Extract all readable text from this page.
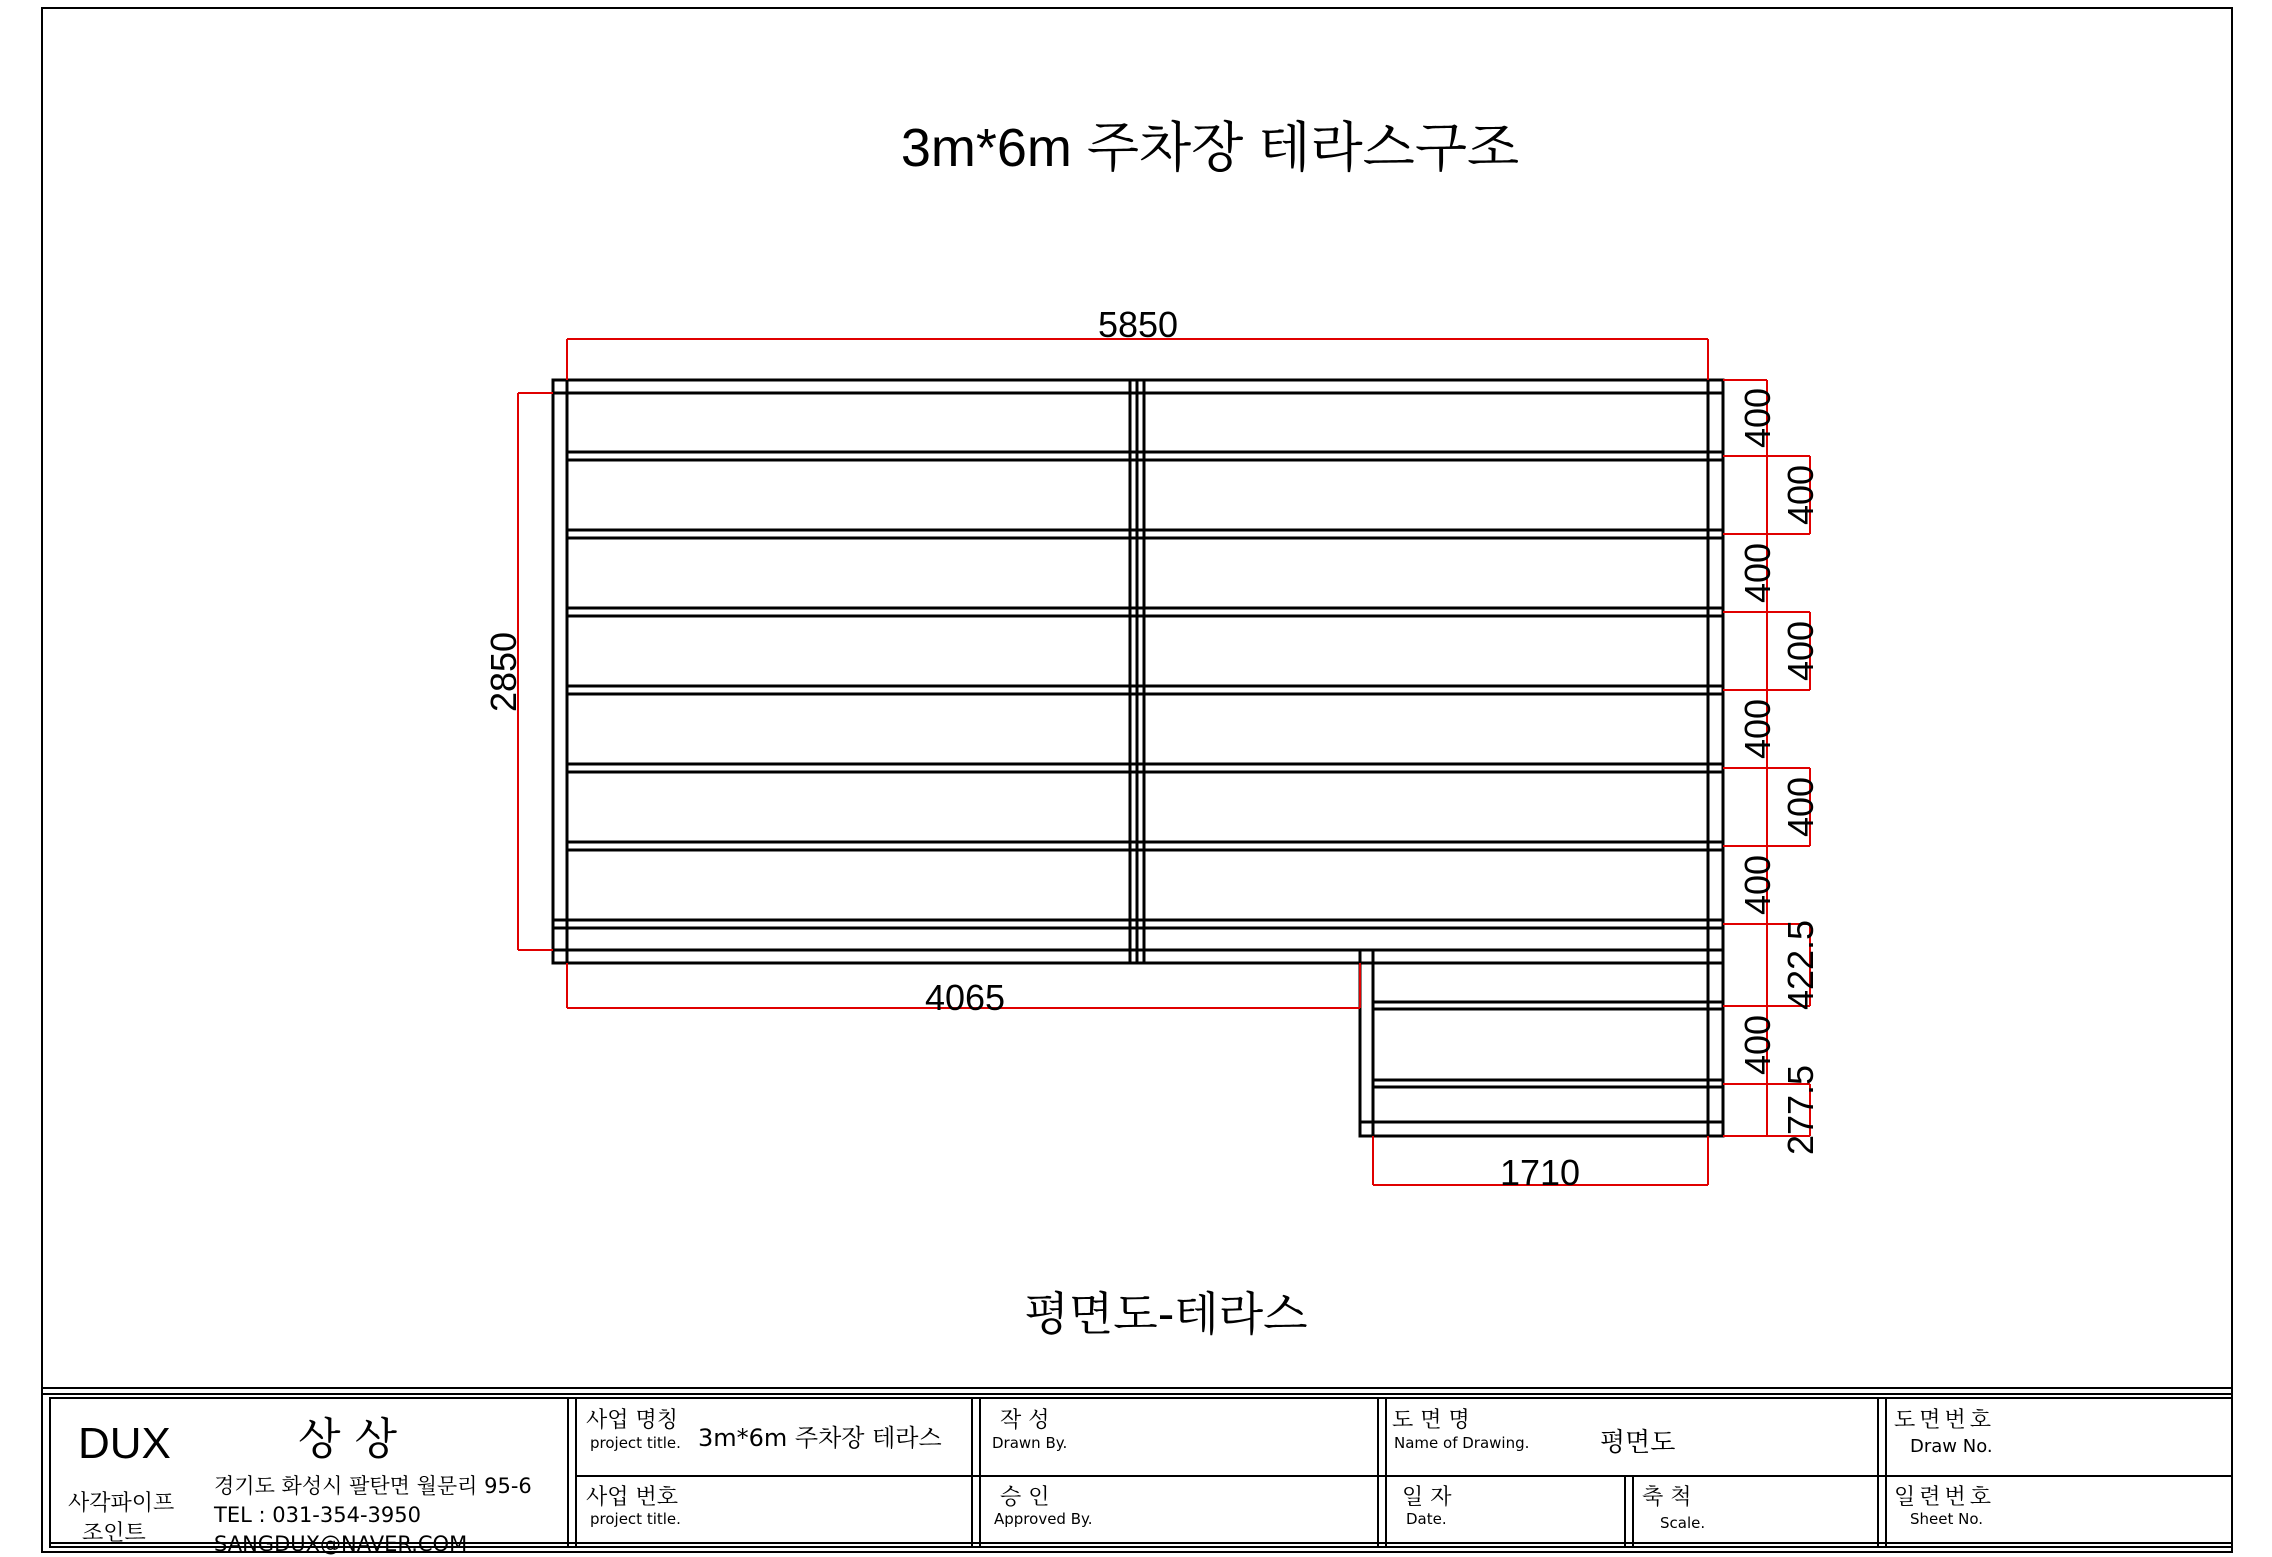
3m*6m 주차장 테라스구조
5850
2850
4065
1710
400
400
400
400
400
400
400
422.5
400
277.5
평면도-테라스
DUX	상 상
사각파이프
조인트
경기도 화성시 팔탄면 월문리 95-6
TEL : 031-354-3950
SANGDUX@NAVER.COM
사업 명칭
project title. 3m*6m 주차장 테라스
사업 번호
project title.
작 성
Drawn By.
승 인
Approved By.
도 면 명
Name of Drawing.	평면도
일 자
Date.
축 척
Scale.
도면번호
Draw No.
일련번호
Sheet No.
